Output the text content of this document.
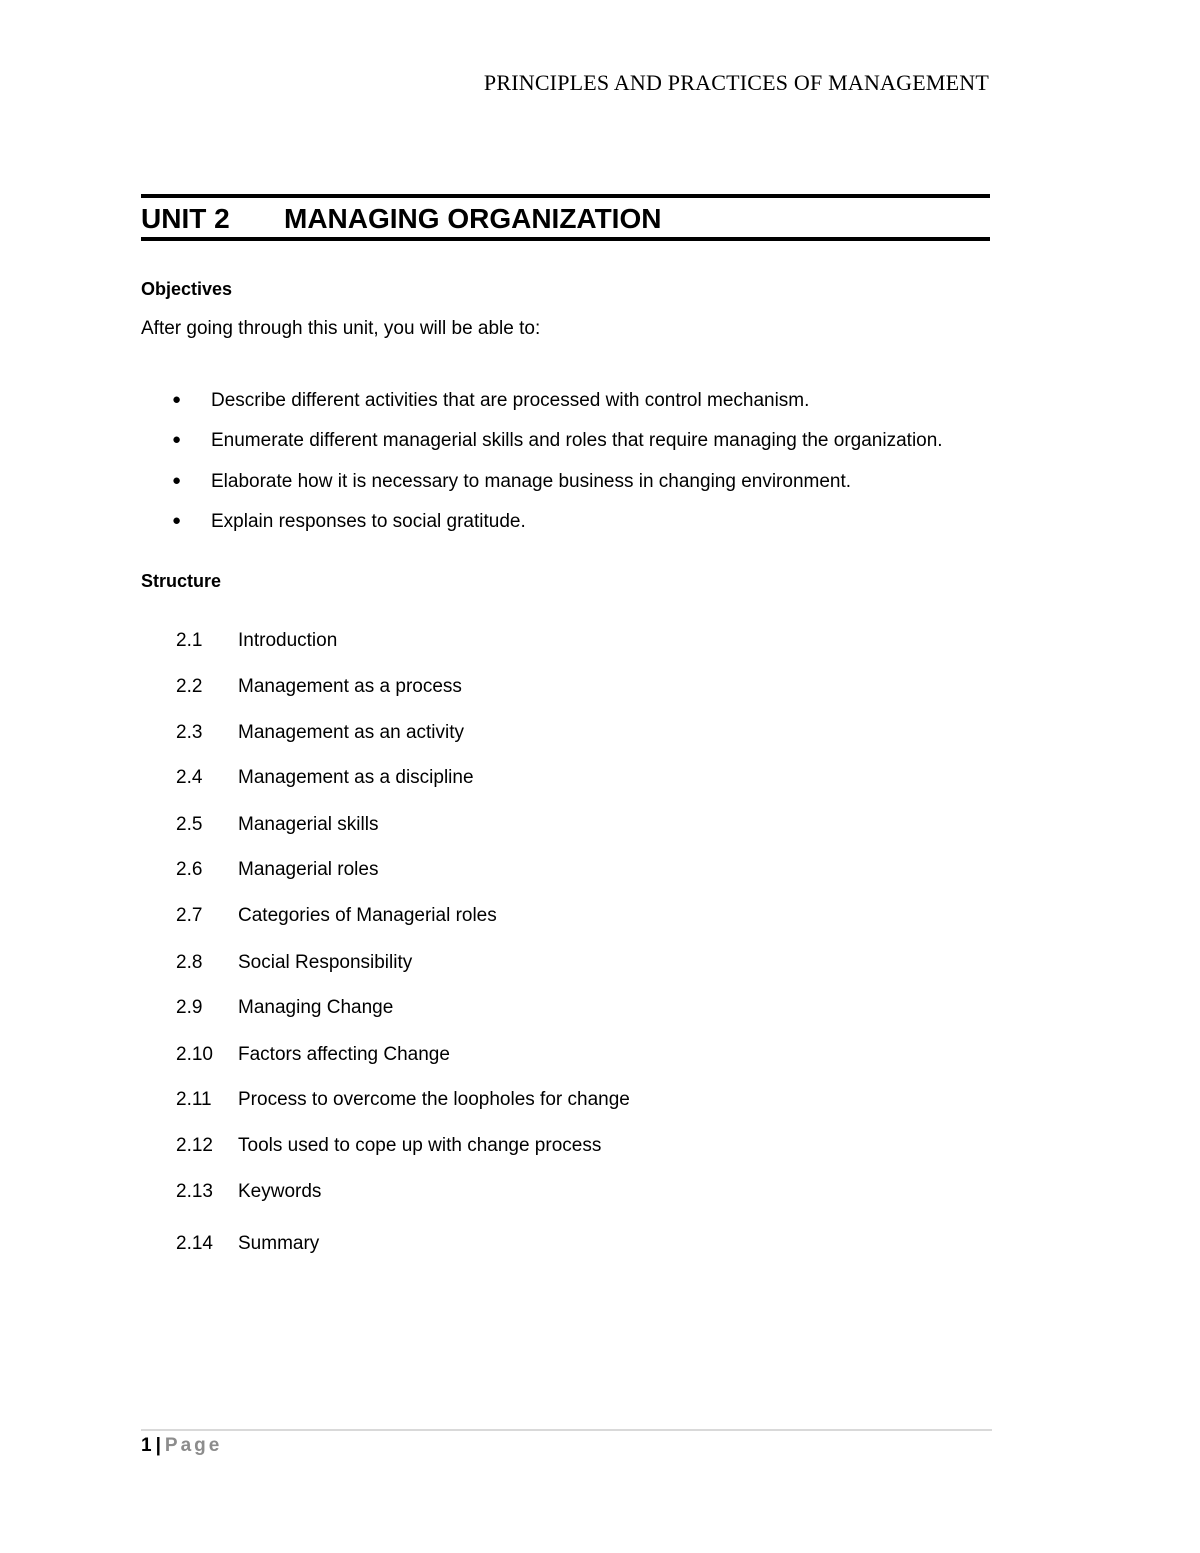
PRINCIPLES AND PRACTICES OF MANAGEMENT
UNIT 2 MANAGING ORGANIZATION
Objectives
After going through this unit, you will be able to:
● Describe different activities that are processed with control mechanism.
● Enumerate different managerial skills and roles that require managing the organization.
● Elaborate how it is necessary to manage business in changing environment.
● Explain responses to social gratitude.
Structure
2.1 Introduction
2.2 Management as a process
2.3 Management as an activity
2.4 Management as a discipline
2.5 Managerial skills
2.6 Managerial roles
2.7 Categories of Managerial roles
2.8 Social Responsibility
2.9 Managing Change
2.10 Factors affecting Change
2.11 Process to overcome the loopholes for change
2.12 Tools used to cope up with change process
2.13 Keywords
2.14 Summary
1 | Page
